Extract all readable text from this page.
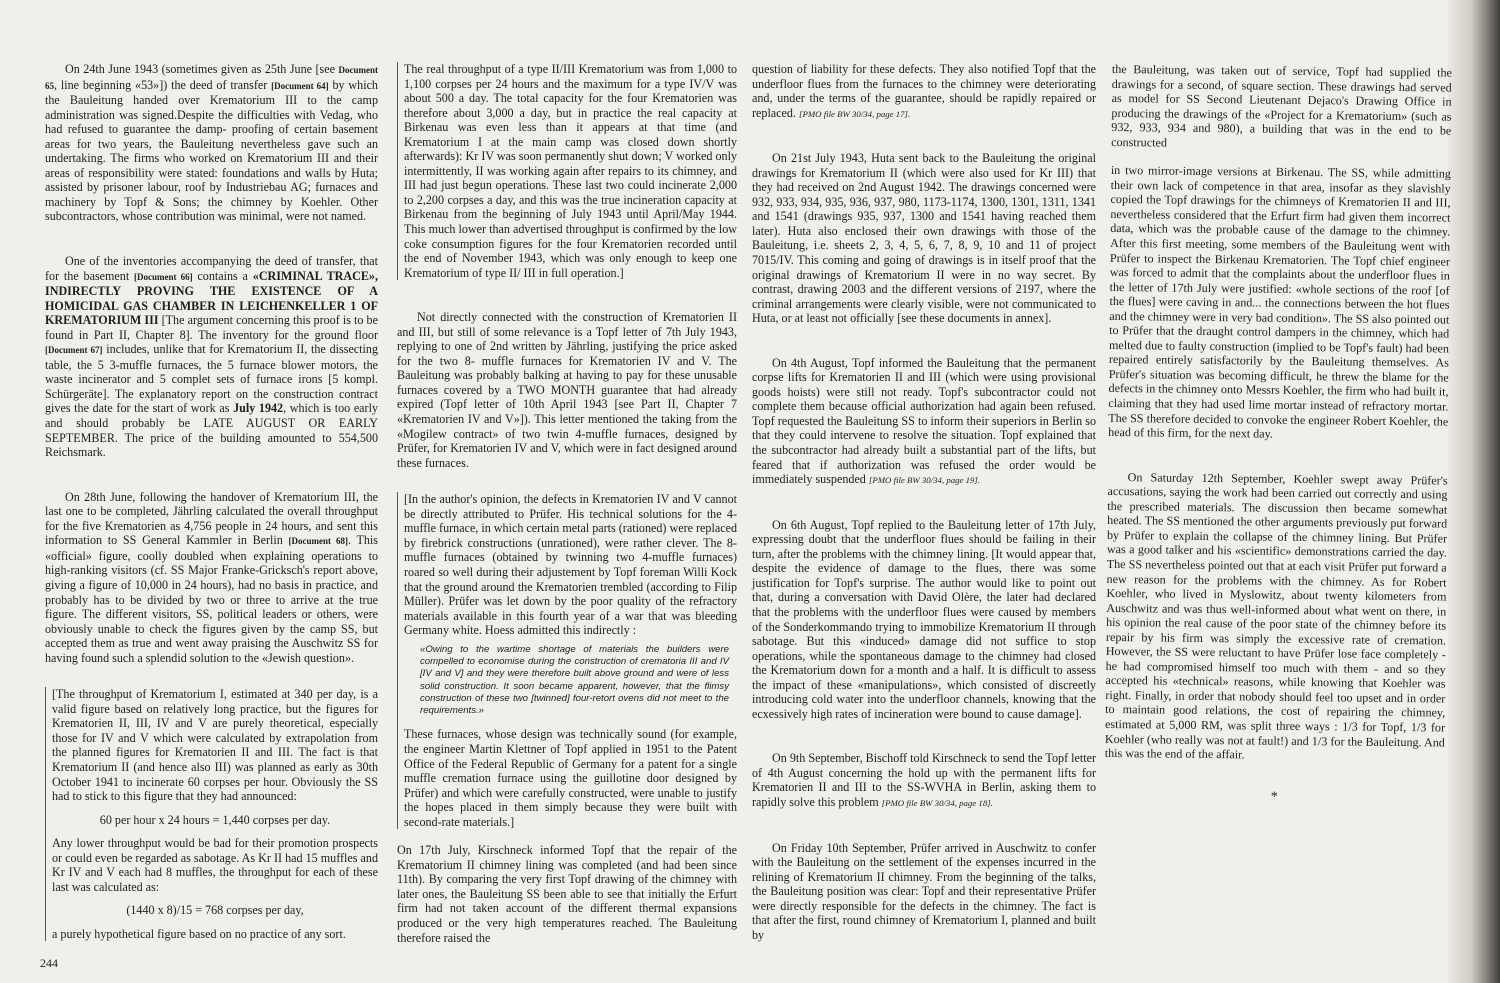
On 24th June 1943 (sometimes given as 25th June [see Document 65, line beginning «53»]) the deed of transfer [Document 64] by which the Bauleitung handed over Krematorium III to the camp administration was signed.Despite the difficulties with Vedag, who had refused to guarantee the damp- proofing of certain basement areas for two years, the Bauleitung nevertheless gave such an undertaking. The firms who worked on Krematorium III and their areas of responsibility were stated: foundations and walls by Huta; assisted by prisoner labour, roof by Industriebau AG; furnaces and machinery by Topf & Sons; the chimney by Koehler. Other subcontractors, whose contribution was minimal, were not named.

One of the inventories accompanying the deed of transfer, that for the basement [Document 66] contains a «CRIMINAL TRACE», INDIRECTLY PROVING THE EXISTENCE OF A HOMICIDAL GAS CHAMBER IN LEICHENKELLER 1 OF KREMATORIUM III [The argument concerning this proof is to be found in Part II, Chapter 8]. The inventory for the ground floor [Document 67] includes, unlike that for Krematorium II, the dissecting table, the 5 3-muffle furnaces, the 5 furnace blower motors, the waste incinerator and 5 complet sets of furnace irons [5 kompl. Schürgeräte]. The explanatory report on the construction contract gives the date for the start of work as July 1942, which is too early and should probably be LATE AUGUST OR EARLY SEPTEMBER. The price of the building amounted to 554,500 Reichsmark.

On 28th June, following the handover of Krematorium III, the last one to be completed, Jährling calculated the overall throughput for the five Krematorien as 4,756 people in 24 hours, and sent this information to SS General Kammler in Berlin [Document 68]. This «official» figure, coolly doubled when explaining operations to high-ranking visitors (cf. SS Major Franke-Gricksch's report above, giving a figure of 10,000 in 24 hours), had no basis in practice, and probably has to be divided by two or three to arrive at the true figure. The different visitors, SS, political leaders or others, were obviously unable to check the figures given by the camp SS, but accepted them as true and went away praising the Auschwitz SS for having found such a splendid solution to the «Jewish question».

[The throughput of Krematorium I, estimated at 340 per day, is a valid figure based on relatively long practice, but the figures for Krematorien II, III, IV and V are purely theoretical, especially those for IV and V which were calculated by extrapolation from the planned figures for Krematorien II and III. The fact is that Krematorium II (and hence also III) was planned as early as 30th October 1941 to incinerate 60 corpses per hour. Obviously the SS had to stick to this figure that they had announced:

60 per hour x 24 hours = 1,440 corpses per day.

Any lower throughput would be bad for their promotion prospects or could even be regarded as sabotage. As Kr II had 15 muffles and Kr IV and V each had 8 muffles, the throughput for each of these last was calculated as:

(1440 x 8)/15 = 768 corpses per day,

a purely hypothetical figure based on no practice of any sort.

The real throughput of a type II/III Krematorium was from 1,000 to 1,100 corpses per 24 hours and the maximum for a type IV/V was about 500 a day. The total capacity for the four Krematorien was therefore about 3,000 a day, but in practice the real capacity at Birkenau was even less than it appears at that time (and Krematorium I at the main camp was closed down shortly afterwards): Kr IV was soon permanently shut down; V worked only intermittently, II was working again after repairs to its chimney, and III had just begun operations. These last two could incinerate 2,000 to 2,200 corpses a day, and this was the true incineration capacity at Birkenau from the beginning of July 1943 until April/May 1944. This much lower than advertised throughput is confirmed by the low coke consumption figures for the four Krematorien recorded until the end of November 1943, which was only enough to keep one Krematorium of type II/ III in full operation.]

Not directly connected with the construction of Krematorien II and III, but still of some relevance is a Topf letter of 7th July 1943, replying to one of 2nd written by Jährling, justifying the price asked for the two 8- muffle furnaces for Krematorien IV and V. The Bauleitung was probably balking at having to pay for these unusable furnaces covered by a TWO MONTH guarantee that had already expired (Topf letter of 10th April 1943 [see Part II, Chapter 7 «Krematorien IV and V»]). This letter mentioned the taking from the «Mogilew contract» of two twin 4-muffle furnaces, designed by Prüfer, for Krematorien IV and V, which were in fact designed around these furnaces.

[In the author's opinion, the defects in Krematorien IV and V cannot be directly attributed to Prüfer. His technical solutions for the 4-muffle furnace, in which certain metal parts (rationed) were replaced by firebrick constructions (unrationed), were rather clever. The 8-muffle furnaces (obtained by twinning two 4-muffle furnaces) roared so well during their adjustement by Topf foreman Willi Kock that the ground around the Krematorien trembled (according to Filip Müller). Prüfer was let down by the poor quality of the refractory materials available in this fourth year of a war that was bleeding Germany white. Hoess admitted this indirectly :

«Owing to the wartime shortage of materials the builders were compelled to economise during the construction of crematoria III and IV [IV and V] and they were therefore built above ground and were of less solid construction. It soon became apparent, however, that the flimsy construction of these two [twinned] four-retort ovens did not meet to the requirements.»

These furnaces, whose design was technically sound (for example, the engineer Martin Klettner of Topf applied in 1951 to the Patent Office of the Federal Republic of Germany for a patent for a single muffle cremation furnace using the guillotine door designed by Prüfer) and which were carefully constructed, were unable to justify the hopes placed in them simply because they were built with second-rate materials.]

On 17th July, Kirschneck informed Topf that the repair of the Krematorium II chimney lining was completed (and had been since 11th). By comparing the very first Topf drawing of the chimney with later ones, the Bauleitung SS been able to see that initially the Erfurt firm had not taken account of the different thermal expansions produced or the very high temperatures reached. The Bauleitung therefore raised the

question of liability for these defects. They also notified Topf that the underfloor flues from the furnaces to the chimney were deteriorating and, under the terms of the guarantee, should be rapidly repaired or replaced. [PMO file BW 30/34, page 17].

On 21st July 1943, Huta sent back to the Bauleitung the original drawings for Krematorium II (which were also used for Kr III) that they had received on 2nd August 1942. The drawings concerned were 932, 933, 934, 935, 936, 937, 980, 1173-1174, 1300, 1301, 1311, 1341 and 1541 (drawings 935, 937, 1300 and 1541 having reached them later). Huta also enclosed their own drawings with those of the Bauleitung, i.e. sheets 2, 3, 4, 5, 6, 7, 8, 9, 10 and 11 of project 7015/IV. This coming and going of drawings is in itself proof that the original drawings of Krematorium II were in no way secret. By contrast, drawing 2003 and the different versions of 2197, where the criminal arrangements were clearly visible, were not communicated to Huta, or at least not officially [see these documents in annex].

On 4th August, Topf informed the Bauleitung that the permanent corpse lifts for Krematorien II and III (which were using provisional goods hoists) were still not ready. Topf's subcontractor could not complete them because official authorization had again been refused. Topf requested the Bauleitung SS to inform their superiors in Berlin so that they could intervene to resolve the situation. Topf explained that the subcontractor had already built a substantial part of the lifts, but feared that if authorization was refused the order would be immediately suspended [PMO file BW 30/34, page 19].

On 6th August, Topf replied to the Bauleitung letter of 17th July, expressing doubt that the underfloor flues should be failing in their turn, after the problems with the chimney lining. [It would appear that, despite the evidence of damage to the flues, there was some justification for Topf's surprise. The author would like to point out that, during a conversation with David Olère, the later had declared that the problems with the underfloor flues were caused by members of the Sonderkommando trying to immobilize Krematorium II through sabotage. But this «induced» damage did not suffice to stop operations, while the spontaneous damage to the chimney had closed the Krematorium down for a month and a half. It is difficult to assess the impact of these «manipulations», which consisted of discreetly introducing cold water into the underfloor channels, knowing that the ecxessively high rates of incineration were bound to cause damage].

On 9th September, Bischoff told Kirschneck to send the Topf letter of 4th August concerning the hold up with the permanent lifts for Krematorien II and III to the SS-WVHA in Berlin, asking them to rapidly solve this problem [PMO file BW 30/34, page 18].

On Friday 10th September, Prüfer arrived in Auschwitz to confer with the Bauleitung on the settlement of the expenses incurred in the relining of Krematorium II chimney. From the beginning of the talks, the Bauleitung position was clear: Topf and their representative Prüfer were directly responsible for the defects in the chimney. The fact is that after the first, round chimney of Krematorium I, planned and built by

the Bauleitung, was taken out of service, Topf had supplied the drawings for a second, of square section. These drawings had served as model for SS Second Lieutenant Dejaco's Drawing Office in producing the drawings of the «Project for a Krematorium» (such as 932, 933, 934 and 980), a building that was in the end to be constructed

in two mirror-image versions at Birkenau. The SS, while admitting their own lack of competence in that area, insofar as they slavishly copied the Topf drawings for the chimneys of Krematorien II and III, nevertheless considered that the Erfurt firm had given them incorrect data, which was the probable cause of the damage to the chimney. After this first meeting, some members of the Bauleitung went with Prüfer to inspect the Birkenau Krematorien. The Topf chief engineer was forced to admit that the complaints about the underfloor flues in the letter of 17th July were justified: «whole sections of the roof [of the flues] were caving in and... the connections between the hot flues and the chimney were in very bad condition». The SS also pointed out to Prüfer that the draught control dampers in the chimney, which had melted due to faulty construction (implied to be Topf's fault) had been repaired entirely satisfactorily by the Bauleitung themselves. As Prüfer's situation was becoming difficult, he threw the blame for the defects in the chimney onto Messrs Koehler, the firm who had built it, claiming that they had used lime mortar instead of refractory mortar. The SS therefore decided to convoke the engineer Robert Koehler, the head of this firm, for the next day.

On Saturday 12th September, Koehler swept away Prüfer's accusations, saying the work had been carried out correctly and using the prescribed materials. The discussion then became somewhat heated. The SS mentioned the other arguments previously put forward by Prüfer to explain the collapse of the chimney lining. But Prüfer was a good talker and his «scientific» demonstrations carried the day. The SS nevertheless pointed out that at each visit Prüfer put forward a new reason for the problems with the chimney. As for Robert Koehler, who lived in Myslowitz, about twenty kilometers from Auschwitz and was thus well-informed about what went on there, in his opinion the real cause of the poor state of the chimney before its repair by his firm was simply the excessive rate of cremation. However, the SS were reluctant to have Prüfer lose face completely - he had compromised himself too much with them - and so they accepted his «technical» reasons, while knowing that Koehler was right. Finally, in order that nobody should feel too upset and in order to maintain good relations, the cost of repairing the chimney, estimated at 5,000 RM, was split three ways : 1/3 for Topf, 1/3 for Koehler (who really was not at fault!) and 1/3 for the Bauleitung. And this was the end of the affair.

*

244
